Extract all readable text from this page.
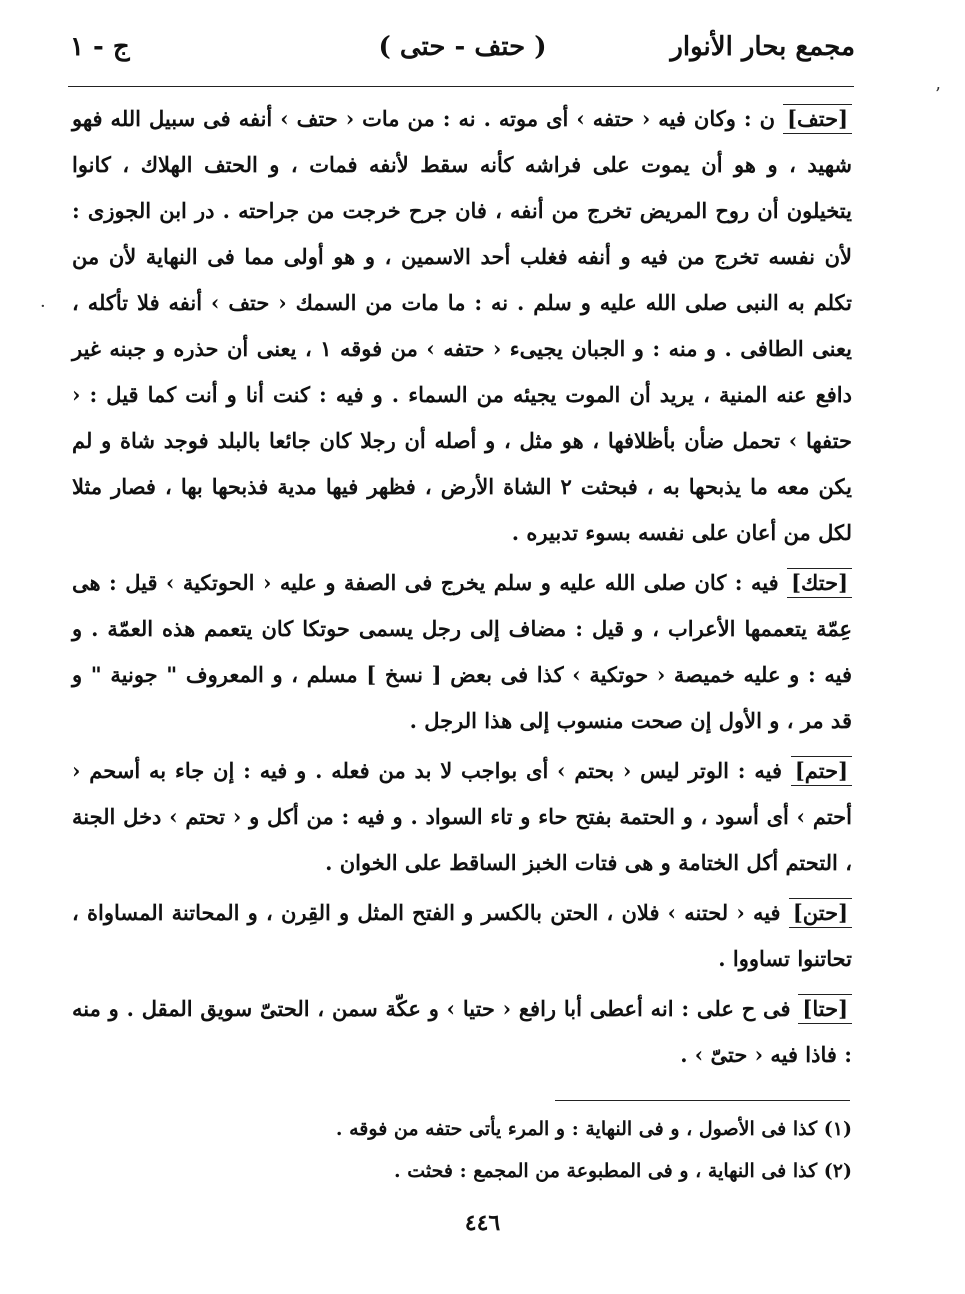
مجمع بحار الأنوار
( حتف - حتى )
ج - ١

[ حتف ] ن : وكان فيه ‹ حتفه › أى موته . نه : من مات ‹ حتف › أنفه فى سبيل الله فهو شهيد ، و هو أن يموت على فراشه كأنه سقط لأنفه فمات ، و الحتف الهلاك ، كانوا يتخيلون أن روح المريض تخرج من أنفه ، فان جرح خرجت من جراحته . در ابن الجوزى : لأن نفسه تخرج من فيه و أنفه فغلب أحد الاسمين ، و هو أولى مما فى النهاية لأن من تكلم به النبى صلى الله عليه و سلم . نه : ما مات من السمك ‹ حتف › أنفه فلا تأكله ، يعنى الطافى . و منه : و الجبان يجيىء ‹ حتفه › من فوقه ١ ، يعنى أن حذره و جبنه غير دافع عنه المنية ، يريد أن الموت يجيئه من السماء . و فيه : كنت أنا و أنت كما قيل : ‹ حتفها › تحمل ضأن بأظلافها ، هو مثل ، و أصله أن رجلا كان جائعا بالبلد فوجد شاة و لم يكن معه ما يذبحها به ، فبحثت ٢ الشاة الأرض ، فظهر فيها مدية فذبحها بها ، فصار مثلا لكل من أعان على نفسه بسوء تدبيره .

[ حتك ] فيه : كان صلى الله عليه و سلم يخرج فى الصفة و عليه ‹ الحوتكية › قيل : هى عِمّة يتعممها الأعراب ، و قيل : مضاف إلى رجل يسمى حوتكا كان يتعمم هذه العمّة . و فيه : و عليه خميصة ‹ حوتكية › كذا فى بعض [ نسخ ] مسلم ، و المعروف " جونية " و قد مر ، و الأول إن صحت منسوب إلى هذا الرجل .

[ حتم ] فيه : الوتر ليس ‹ بحتم › أى بواجب لا بد من فعله . و فيه : إن جاء به أسحم ‹ أحتم › أى أسود ، و الحتمة بفتح حاء و تاء السواد . و فيه : من أكل و ‹ تحتم › دخل الجنة ، التحتم أكل الختامة و هى فتات الخبز الساقط على الخوان .

[ حتن ] فيه ‹ لحتنه › فلان ، الحتن بالكسر و الفتح المثل و القِرن ، و المحاتنة المساواة ، تحاتنوا تساووا .

[ حتا ] فى ح على : انه أعطى أبا رافع ‹ حتيا › و عكّة سمن ، الحتىّ سويق المقل . و منه : فاذا فيه ‹ حتىّ › .

(١) كذا فى الأصول ، و فى النهاية : و المرء يأتى حتفه من فوقه .

(٢) كذا فى النهاية ، و فى المطبوعة من المجمع : فحثت .

٤٤٦
’
·
